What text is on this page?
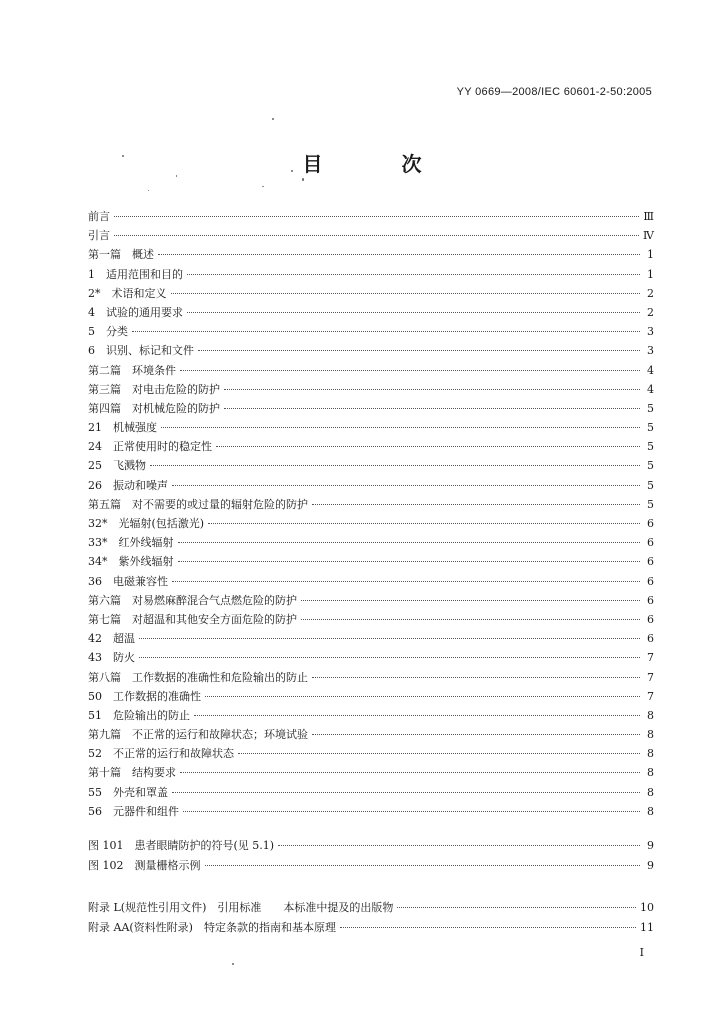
YY 0669—2008/IEC 60601-2-50:2005
目 次
前言	Ⅲ
引言	Ⅳ
第一篇　概述	1
1　适用范围和目的	1
2*　术语和定义	2
4　试验的通用要求	2
5　分类	3
6　识别、标记和文件	3
第二篇　环境条件	4
第三篇　对电击危险的防护	4
第四篇　对机械危险的防护	5
21　机械强度	5
24　正常使用时的稳定性	5
25　飞溅物	5
26　振动和噪声	5
第五篇　对不需要的或过量的辐射危险的防护	5
32*　光辐射(包括激光)	6
33*　红外线辐射	6
34*　紫外线辐射	6
36　电磁兼容性	6
第六篇　对易燃麻醉混合气点燃危险的防护	6
第七篇　对超温和其他安全方面危险的防护	6
42　超温	6
43　防火	7
第八篇　工作数据的准确性和危险输出的防止	7
50　工作数据的准确性	7
51　危险输出的防止	8
第九篇　不正常的运行和故障状态；环境试验	8
52　不正常的运行和故障状态	8
第十篇　结构要求	8
55　外壳和罩盖	8
56　元器件和组件	8
图 101　患者眼睛防护的符号(见 5.1)	9
图 102　测量栅格示例	9
附录 L(规范性引用文件)　引用标准　　本标准中提及的出版物	10
附录 AA(资料性附录)　特定条款的指南和基本原理	11
I
